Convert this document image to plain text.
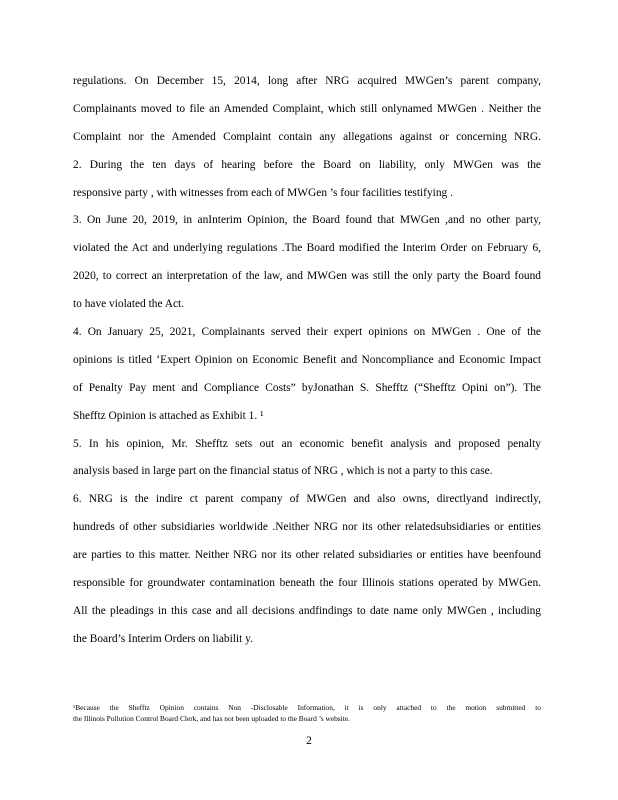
regulations. On December 15, 2014, long after NRG acquired MWGen’s parent company,
Complainants moved to file an Amended Complaint, which still onlynamed MWGen . Neither the
Complaint nor the Amended Complaint contain any allegations against or concerning NRG.
2. During the ten days of hearing before the Board on liability, only MWGen was the
responsive party , with witnesses from each of MWGen ’s four facilities testifying .
3. On June 20, 2019, in anInterim Opinion, the Board found that MWGen ,and no other party,
violated the Act and underlying regulations .The Board modified the Interim Order on February 6,
2020, to correct an interpretation of the law, and MWGen was still the only party the Board found
to have violated the Act.
4. On January 25, 2021, Complainants served their expert opinions on MWGen . One of the
opinions is titled ‘Expert Opinion on Economic Benefit and Noncompliance and Economic Impact
of Penalty Pay ment and Compliance Costs” byJonathan S. Shefftz (“Shefftz Opini on”). The
Shefftz Opinion is attached as Exhibit 1. ¹
5. In his opinion, Mr. Shefftz sets out an economic benefit analysis and proposed penalty
analysis based in large part on the financial status of NRG , which is not a party to this case.
6. NRG is the indire ct parent company of MWGen and also owns, directlyand indirectly,
hundreds of other subsidiaries worldwide .Neither NRG nor its other relatedsubsidiaries or entities
are parties to this matter. Neither NRG nor its other related subsidiaries or entities have beenfound
responsible for groundwater contamination beneath the four Illinois stations operated by MWGen.
All the pleadings in this case and all decisions andfindings to date name only MWGen , including
the Board’s Interim Orders on liabilit y.
¹Because the Shefftz Opinion contains Non -Disclosable Information, it is only attached to the motion submitted to
the Illinois Pollution Control Board Clerk, and has not been uploaded to the Board ’s website.
2
